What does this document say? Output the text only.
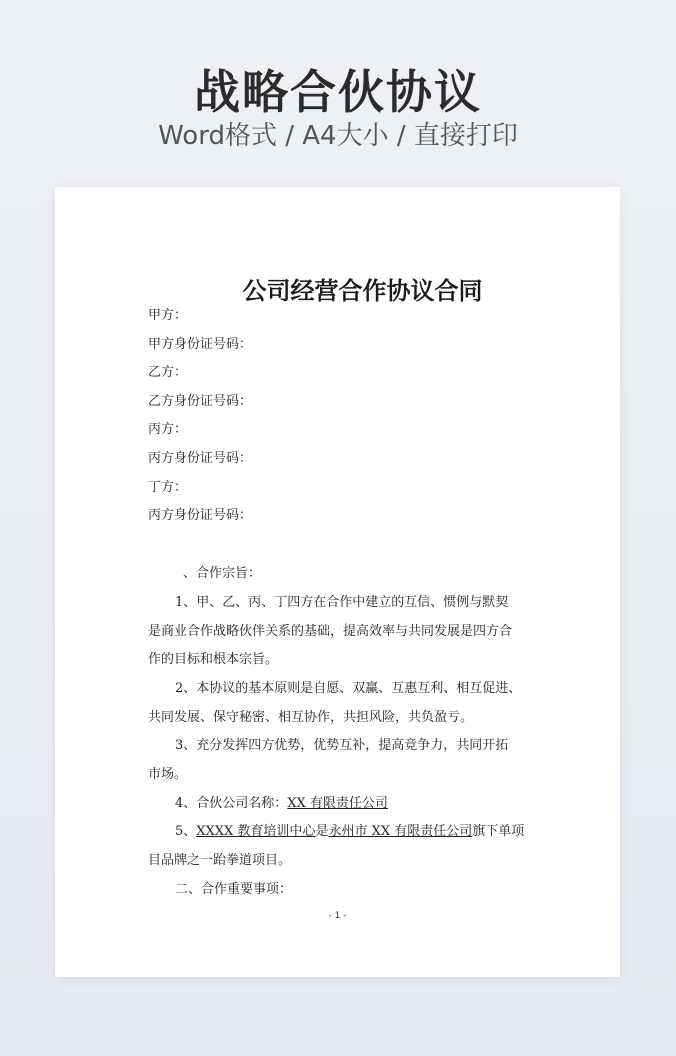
战略合伙协议
Word格式 / A4大小 / 直接打印
公司经营合作协议合同
甲方：
甲方身份证号码：
乙方：
乙方身份证号码：
丙方：
丙方身份证号码：
丁方：
丙方身份证号码：
、合作宗旨：
1、甲、乙、丙、丁四方在合作中建立的互信、惯例与默契
是商业合作战略伙伴关系的基础，提高效率与共同发展是四方合
作的目标和根本宗旨。
2、本协议的基本原则是自愿、双赢、互惠互利、相互促进、
共同发展、保守秘密、相互协作，共担风险，共负盈亏。
3、充分发挥四方优势，优势互补，提高竞争力，共同开拓
市场。
4、合伙公司名称：XX 有限责任公司
5、XXXX 教育培训中心是永州市 XX 有限责任公司旗下单项
目品牌之一跆拳道项目。
二、合作重要事项：
- 1 -
